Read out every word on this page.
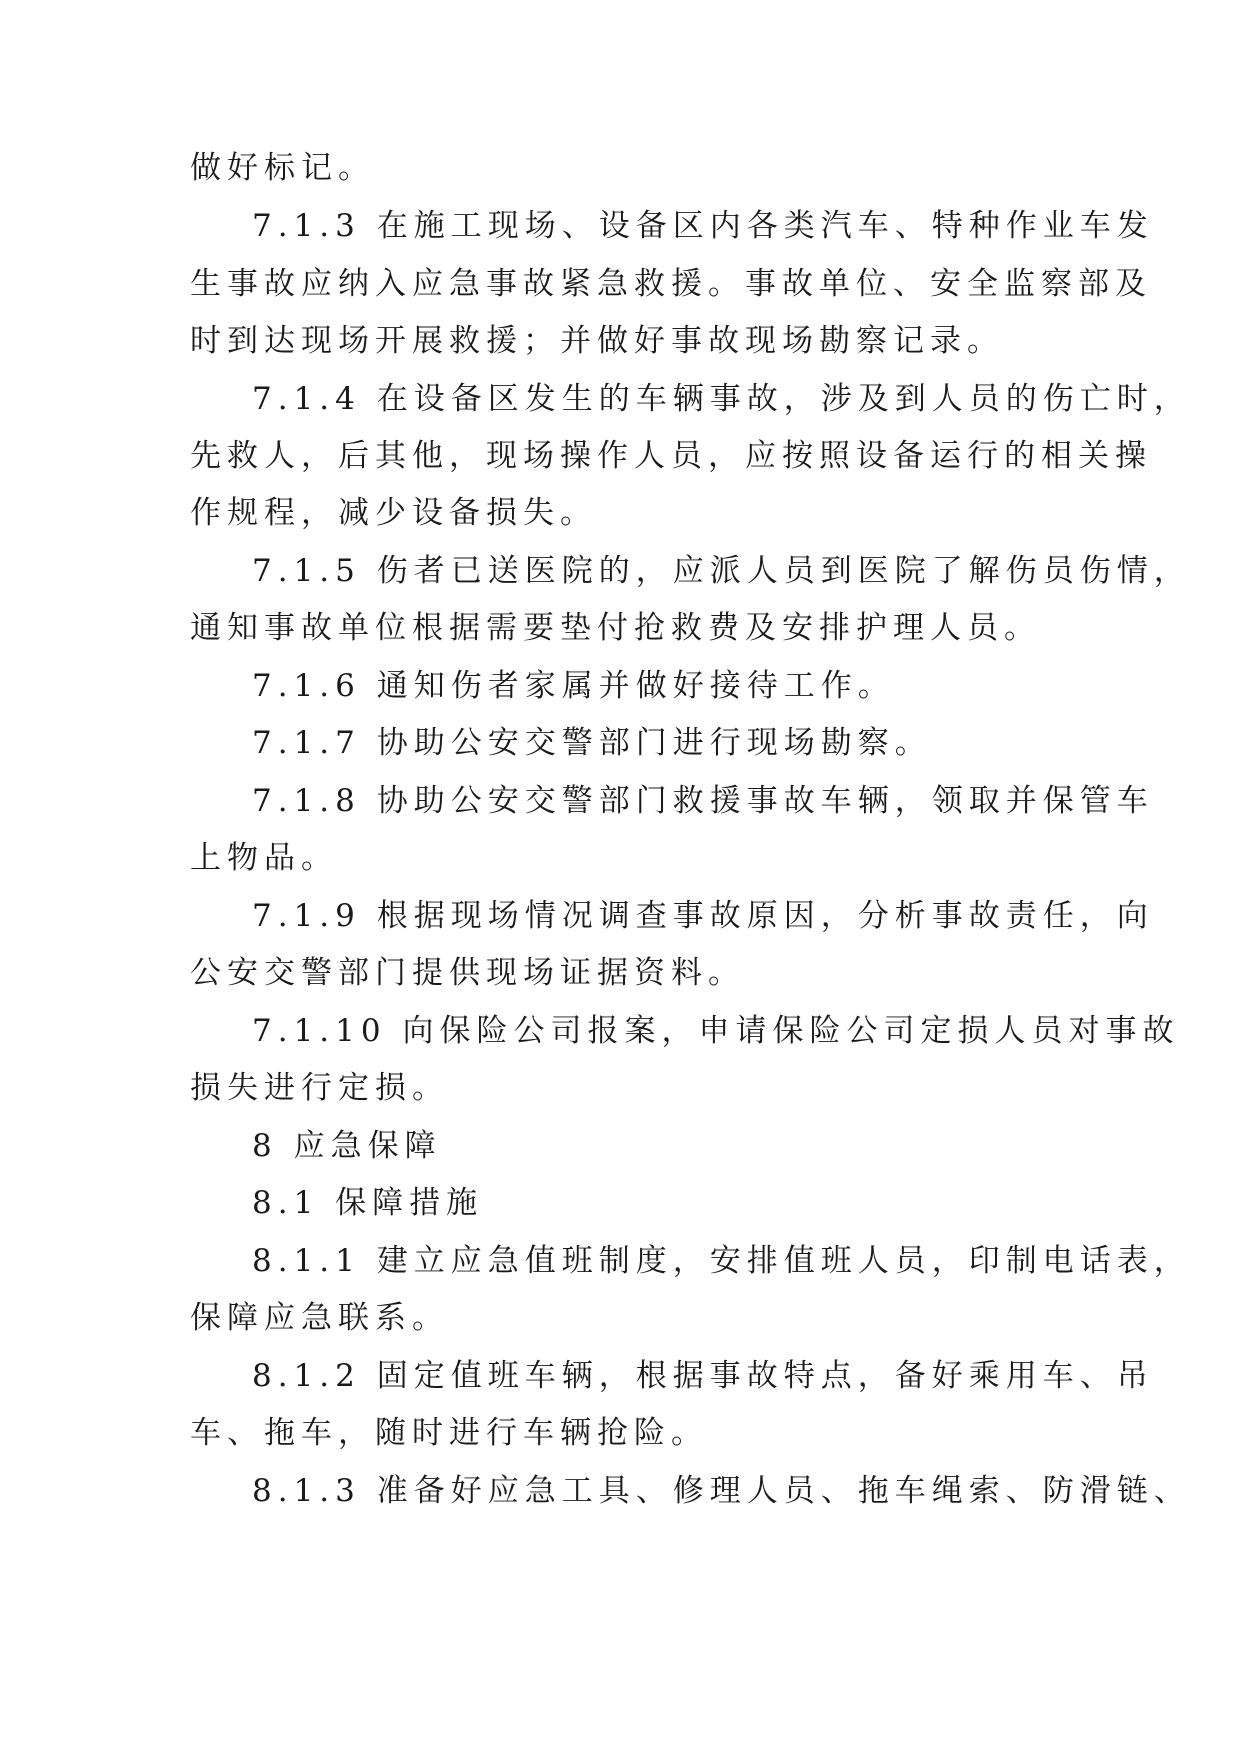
做好标记。
7.1.3 在施工现场、设备区内各类汽车、特种作业车发
生事故应纳入应急事故紧急救援。事故单位、安全监察部及
时到达现场开展救援；并做好事故现场勘察记录。
7.1.4 在设备区发生的车辆事故，涉及到人员的伤亡时，
先救人，后其他，现场操作人员，应按照设备运行的相关操
作规程，减少设备损失。
7.1.5 伤者已送医院的，应派人员到医院了解伤员伤情，
通知事故单位根据需要垫付抢救费及安排护理人员。
7.1.6 通知伤者家属并做好接待工作。
7.1.7 协助公安交警部门进行现场勘察。
7.1.8 协助公安交警部门救援事故车辆，领取并保管车
上物品。
7.1.9 根据现场情况调查事故原因，分析事故责任，向
公安交警部门提供现场证据资料。
7.1.10 向保险公司报案，申请保险公司定损人员对事故
损失进行定损。
8 应急保障
8.1 保障措施
8.1.1 建立应急值班制度，安排值班人员，印制电话表，
保障应急联系。
8.1.2 固定值班车辆，根据事故特点，备好乘用车、吊
车、拖车，随时进行车辆抢险。
8.1.3 准备好应急工具、修理人员、拖车绳索、防滑链、
